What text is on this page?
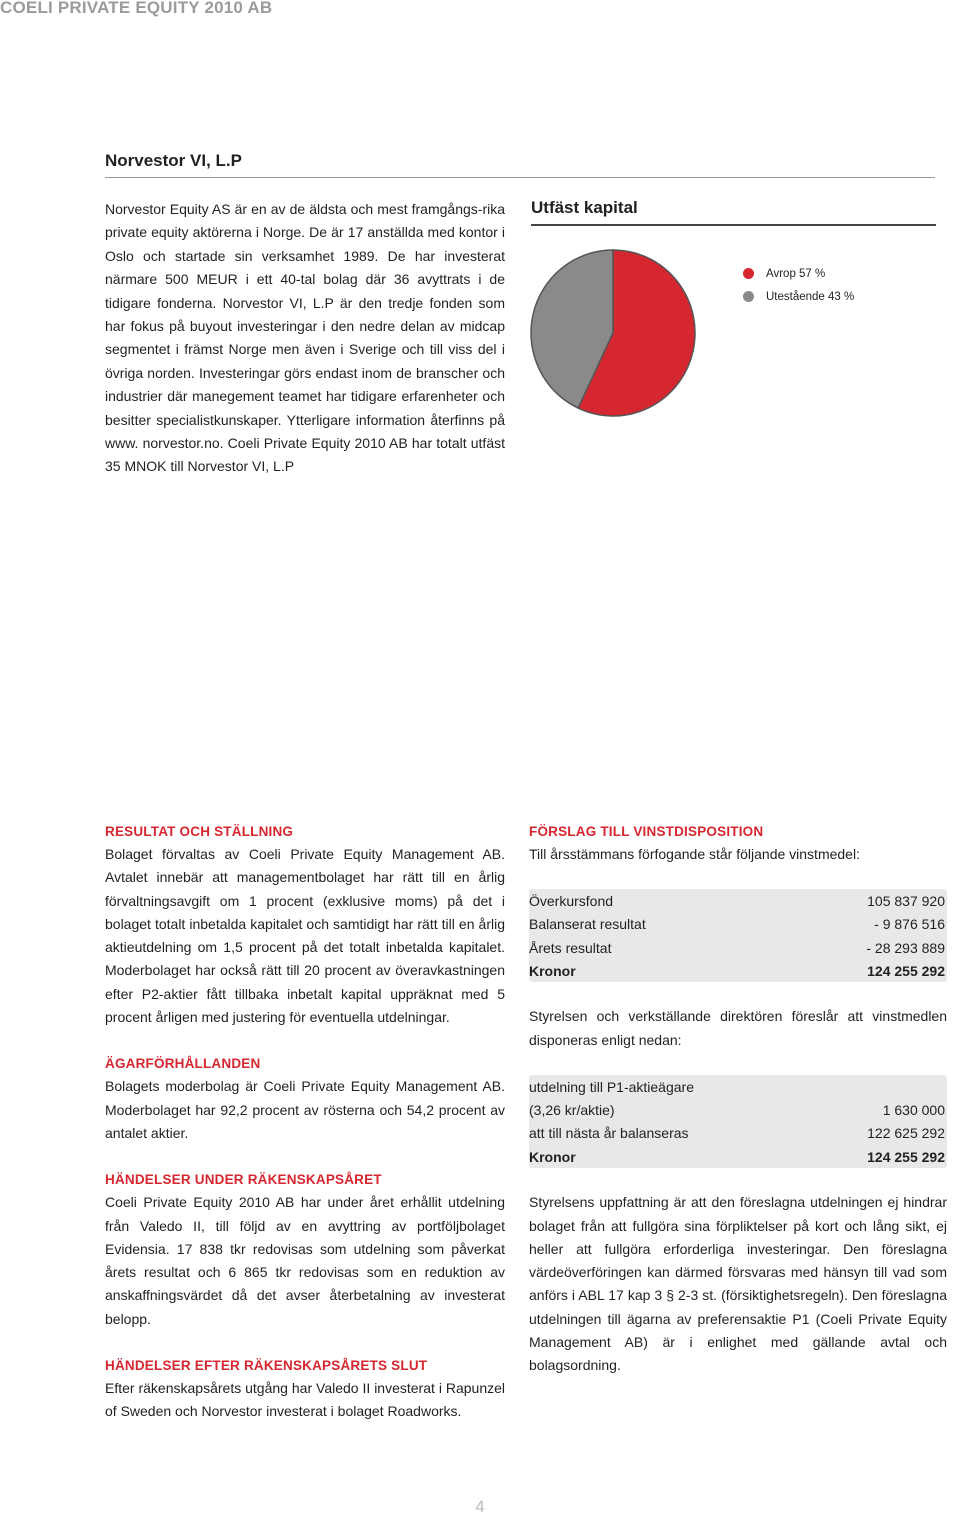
COELI PRIVATE EQUITY 2010 AB
Norvestor VI, L.P

Norvestor Equity AS är en av de äldsta och mest framgångs-rika private equity aktörerna i Norge. De är 17 anställda med kontor i Oslo och startade sin verksamhet 1989. De har investerat närmare 500 MEUR i ett 40-tal bolag där 36 avyttrats i de tidigare fonderna. Norvestor VI, L.P är den tredje fonden som har fokus på buyout investeringar i den nedre delan av midcap segmentet i främst Norge men även i Sverige och till viss del i övriga norden. Investeringar görs endast inom de branscher och industrier där manegement teamet har tidigare erfarenheter och besitter specialistkunskaper. Ytterligare information återfinns på www. norvestor.no. Coeli Private Equity 2010 AB har totalt utfäst 35 MNOK till Norvestor VI, L.P

Utfäst kapital
Avrop 57 %
Utestående 43 %

RESULTAT OCH STÄLLNING

Bolaget förvaltas av Coeli Private Equity Management AB. Avtalet innebär att managementbolaget har rätt till en årlig förvaltningsavgift om 1 procent (exklusive moms) på det i bolaget totalt inbetalda kapitalet och samtidigt har rätt till en årlig aktieutdelning om 1,5 procent på det totalt inbetalda kapitalet. Moderbolaget har också rätt till 20 procent av överavkastningen efter P2-aktier fått tillbaka inbetalt kapital uppräknat med 5 procent årligen med justering för eventuella utdelningar.

ÄGARFÖRHÅLLANDEN

Bolagets moderbolag är Coeli Private Equity Management AB. Moderbolaget har 92,2 procent av rösterna och 54,2 procent av antalet aktier.

HÄNDELSER UNDER RÄKENSKAPSÅRET

Coeli Private Equity 2010 AB har under året erhållit utdelning från Valedo II, till följd av en avyttring av portföljbolaget Evidensia. 17 838 tkr redovisas som utdelning som påverkat årets resultat och 6 865 tkr redovisas som en reduktion av anskaffningsvärdet då det avser återbetalning av investerat belopp.

HÄNDELSER EFTER RÄKENSKAPSÅRETS SLUT

Efter räkenskapsårets utgång har Valedo II investerat i Rapunzel of Sweden och Norvestor investerat i bolaget Roadworks.

FÖRSLAG TILL VINSTDISPOSITION

Till årsstämmans förfogande står följande vinstmedel:

Överkursfond	105 837 920
Balanserat resultat	- 9 876 516
Årets resultat	- 28 293 889
Kronor	124 255 292

Styrelsen och verkställande direktören föreslår att vinstmedlen disponeras enligt nedan:

utdelning till P1-aktieägare	
(3,26 kr/aktie)	1 630 000
att till nästa år balanseras	122 625 292
Kronor	124 255 292

Styrelsens uppfattning är att den föreslagna utdelningen ej hindrar bolaget från att fullgöra sina förpliktelser på kort och lång sikt, ej heller att fullgöra erforderliga investeringar. Den föreslagna värdeöverföringen kan därmed försvaras med hänsyn till vad som anförs i ABL 17 kap 3 § 2-3 st. (försiktighetsregeln). Den föreslagna utdelningen till ägarna av preferensaktie P1 (Coeli Private Equity Management AB) är i enlighet med gällande avtal och bolagsordning.

4
